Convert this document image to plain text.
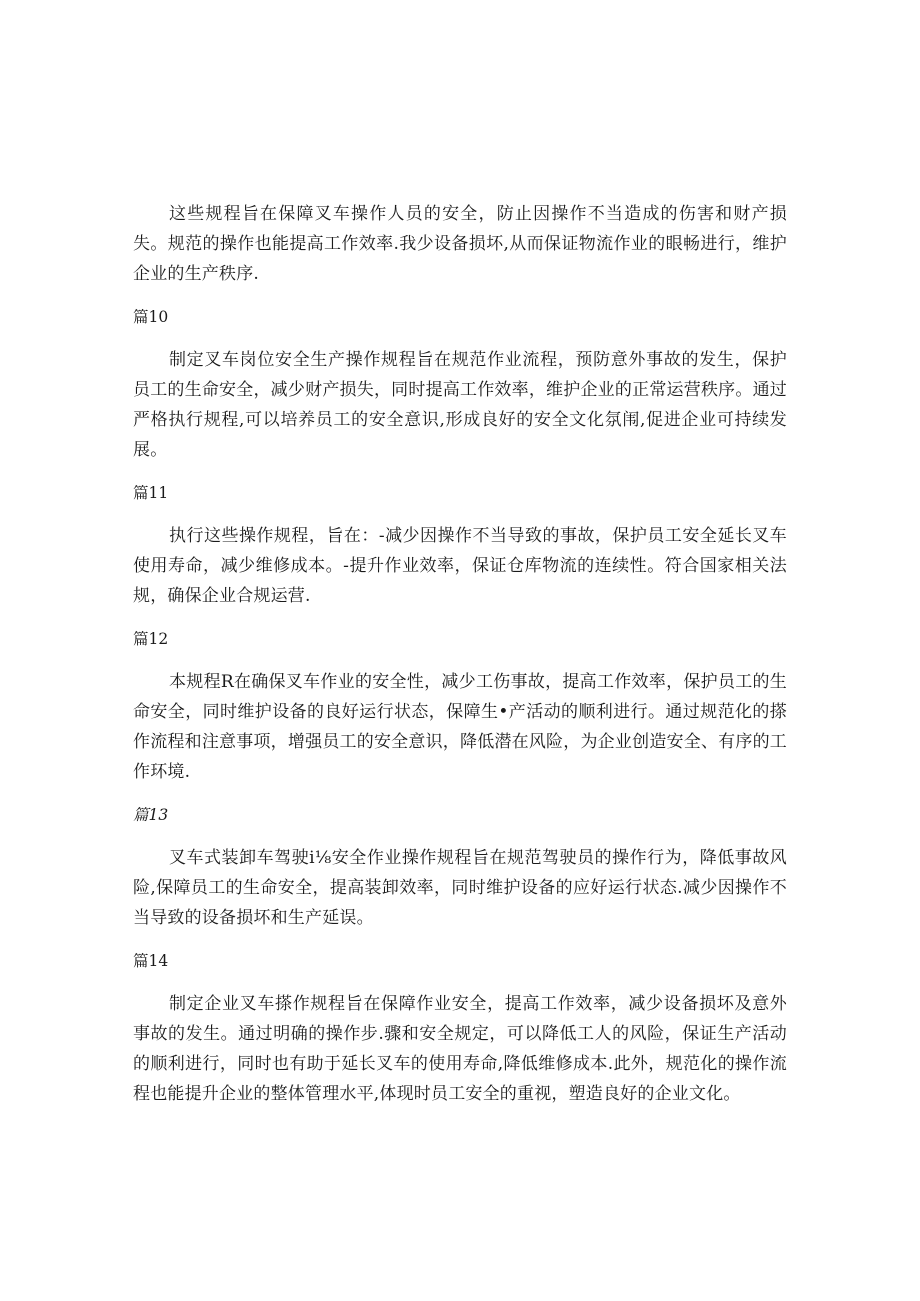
这些规程旨在保障叉车操作人员的安全，防止因操作不当造成的伤害和财产损失。规范的操作也能提高工作效率.我少设备损坏,从而保证物流作业的眼畅进行，维护企业的生产秩序.

篇10

制定叉车岗位安全生产操作规程旨在规范作业流程，预防意外事故的发生，保护员工的生命安全，减少财产损失，同时提高工作效率，维护企业的正常运营秩序。通过严格执行规程,可以培养员工的安全意识,形成良好的安全文化氛闱,促进企业可持续发展。

篇11

执行这些操作规程，旨在：-减少因操作不当导致的事故，保护员工安全延长叉车使用寿命，减少维修成本。-提升作业效率，保证仓库物流的连续性。符合国家相关法规，确保企业合规运营.

篇12

本规程R在确保叉车作业的安全性，减少工伤事故，提高工作效率，保护员工的生命安全，同时维护设备的良好运行状态，保障生•产活动的顺利进行。通过规范化的搽作流程和注意事项，增强员工的安全意识，降低潜在风险，为企业创造安全、有序的工作环境.

篇13

叉车式装卸车驾驶i⅛安全作业操作规程旨在规范驾驶员的操作行为，降低事故风险,保障员工的生命安全，提高装卸效率，同时维护设备的应好运行状态.减少因操作不当导致的设备损坏和生产延误。

篇14

制定企业叉车搽作规程旨在保障作业安全，提高工作效率，减少设备损坏及意外事故的发生。通过明确的操作步.骤和安全规定，可以降低工人的风险，保证生产活动的顺利进行，同时也有助于延长叉车的使用寿命,降低维修成本.此外，规范化的操作流程也能提升企业的整体管理水平,体现时员工安全的重视，塑造良好的企业文化。
